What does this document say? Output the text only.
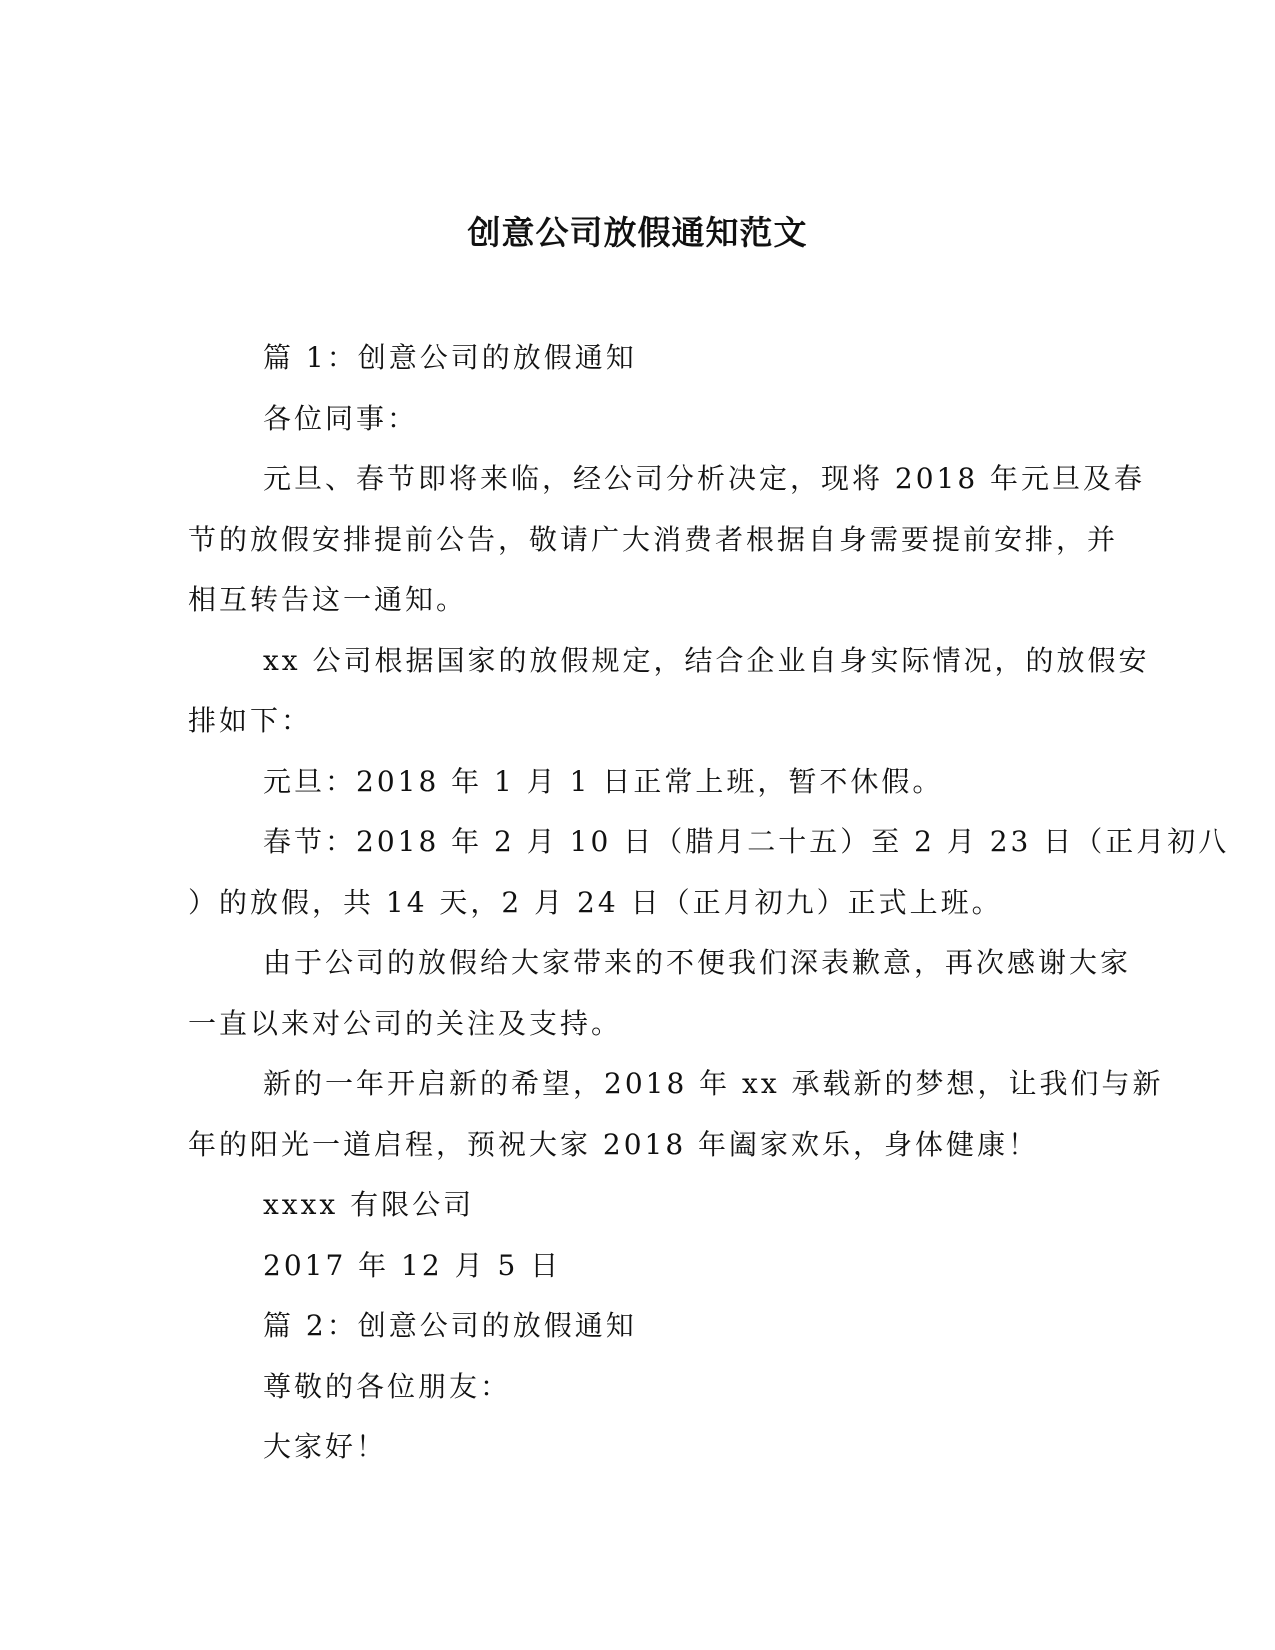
创意公司放假通知范文

篇 1：创意公司的放假通知

各位同事：

元旦、春节即将来临，经公司分析决定，现将 2018 年元旦及春

节的放假安排提前公告，敬请广大消费者根据自身需要提前安排，并

相互转告这一通知。

xx 公司根据国家的放假规定，结合企业自身实际情况，的放假安

排如下：

元旦：2018 年 1 月 1 日正常上班，暂不休假。

春节：2018 年 2 月 10 日（腊月二十五）至 2 月 23 日（正月初八

）的放假，共 14 天，2 月 24 日（正月初九）正式上班。

由于公司的放假给大家带来的不便我们深表歉意，再次感谢大家

一直以来对公司的关注及支持。

新的一年开启新的希望，2018 年 xx 承载新的梦想，让我们与新

年的阳光一道启程，预祝大家 2018 年阖家欢乐，身体健康！

xxxx 有限公司

2017 年 12 月 5 日

篇 2：创意公司的放假通知

尊敬的各位朋友：

大家好！
